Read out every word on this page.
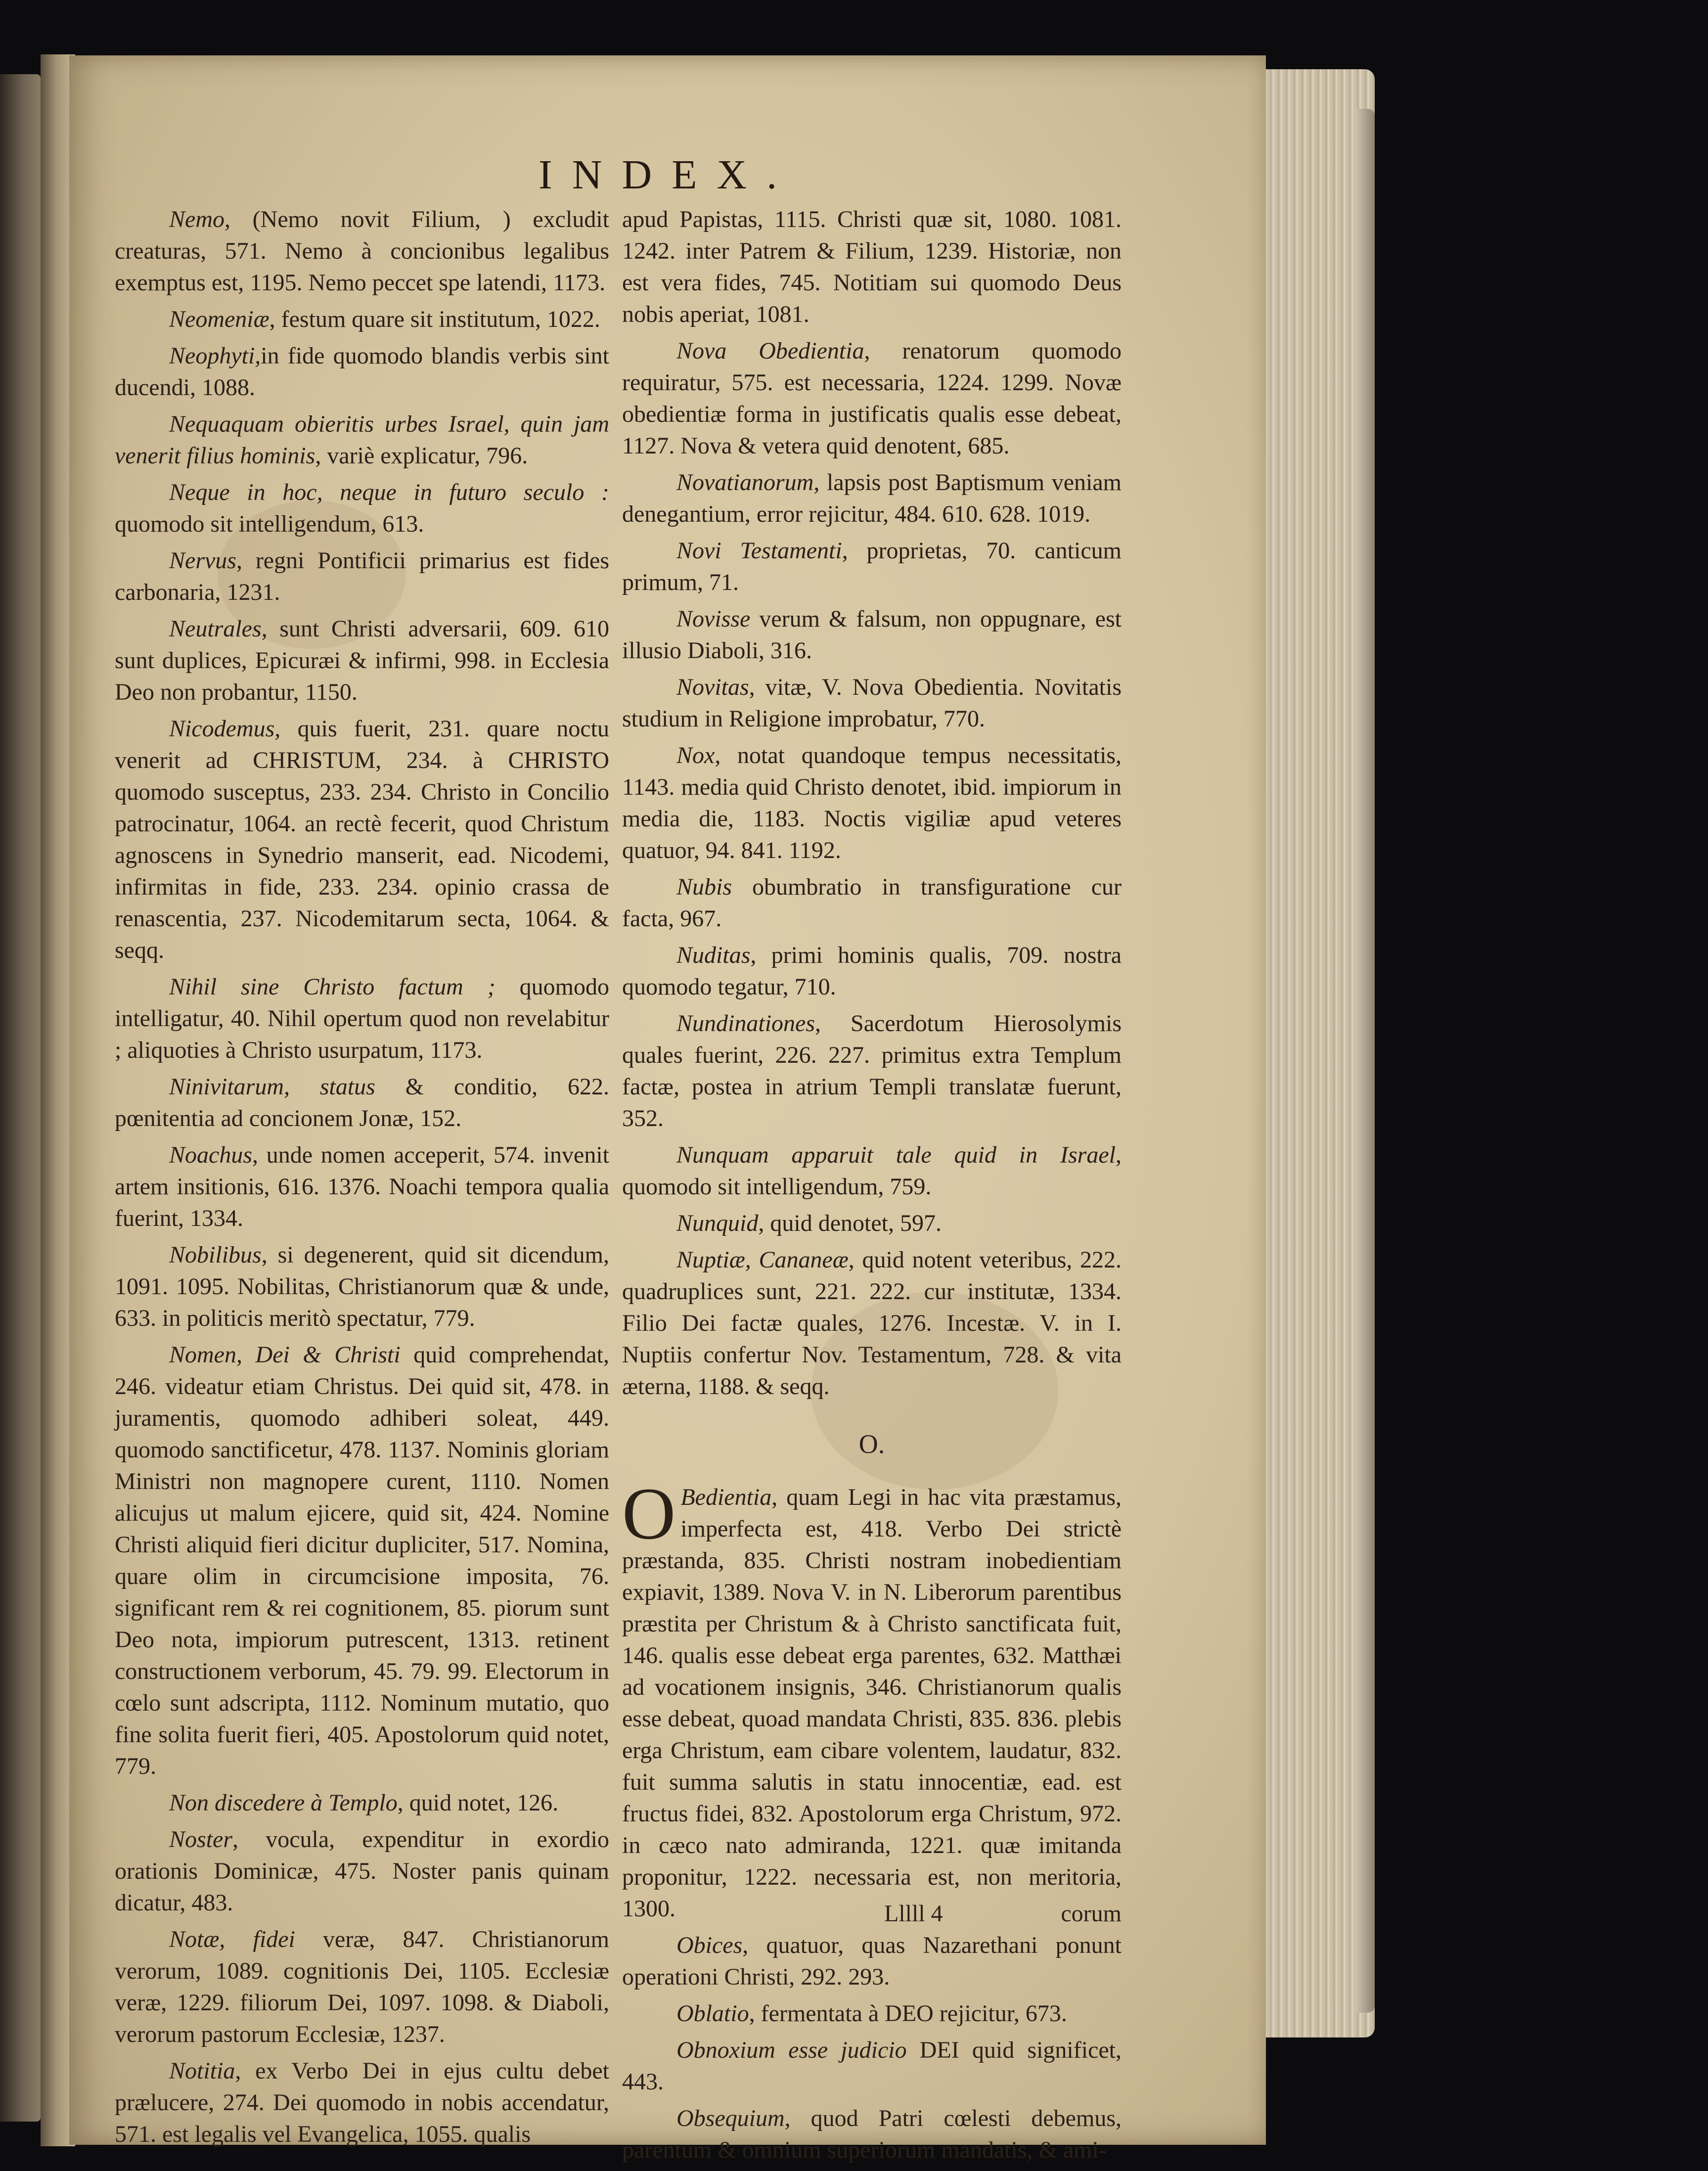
INDEX.

Nemo, (Nemo novit Filium, ) excludit creaturas, 571. Nemo à concionibus legalibus exemptus est, 1195. Nemo peccet spe latendi, 1173.

Neomeniæ, festum quare sit institutum, 1022.

Neophyti,in fide quomodo blandis verbis sint ducendi, 1088.

Nequaquam obieritis urbes Israel, quin jam venerit filius hominis, variè explicatur, 796.

Neque in hoc, neque in futuro seculo : quomodo sit intelligendum, 613.

Nervus, regni Pontificii primarius est fides carbonaria, 1231.

Neutrales, sunt Christi adversarii, 609. 610 sunt duplices, Epicuræi & infirmi, 998. in Ecclesia Deo non probantur, 1150.

Nicodemus, quis fuerit, 231. quare noctu venerit ad CHRISTUM, 234. à CHRISTO quomodo susceptus, 233. 234. Christo in Concilio patrocinatur, 1064. an rectè fecerit, quod Christum agnoscens in Synedrio manserit, ead. Nicodemi, infirmitas in fide, 233. 234. opinio crassa de renascentia, 237. Nicodemitarum secta, 1064. & seqq.

Nihil sine Christo factum ; quomodo intelligatur, 40. Nihil opertum quod non revelabitur ; aliquoties à Christo usurpatum, 1173.

Ninivitarum, status & conditio, 622. pœnitentia ad concionem Jonæ, 152.

Noachus, unde nomen acceperit, 574. invenit artem insitionis, 616. 1376. Noachi tempora qualia fuerint, 1334.

Nobilibus, si degenerent, quid sit dicendum, 1091. 1095. Nobilitas, Christianorum quæ & unde, 633. in politicis meritò spectatur, 779.

Nomen, Dei & Christi quid comprehendat, 246. videatur etiam Christus. Dei quid sit, 478. in juramentis, quomodo adhiberi soleat, 449. quomodo sanctificetur, 478. 1137. Nominis gloriam Ministri non magnopere curent, 1110. Nomen alicujus ut malum ejicere, quid sit, 424. Nomine Christi aliquid fieri dicitur dupliciter, 517. Nomina, quare olim in circumcisione imposita, 76. significant rem & rei cognitionem, 85. piorum sunt Deo nota, impiorum putrescent, 1313. retinent constructionem verborum, 45. 79. 99. Electorum in cœlo sunt adscripta, 1112. Nominum mutatio, quo fine solita fuerit fieri, 405. Apostolorum quid notet, 779.

Non discedere à Templo, quid notet, 126.

Noster, vocula, expenditur in exordio orationis Dominicæ, 475. Noster panis quinam dicatur, 483.

Notæ, fidei veræ, 847. Christianorum verorum, 1089. cognitionis Dei, 1105. Ecclesiæ veræ, 1229. filiorum Dei, 1097. 1098. & Diaboli, verorum pastorum Ecclesiæ, 1237.

Notitia, ex Verbo Dei in ejus cultu debet prælucere, 274. Dei quomodo in nobis accendatur, 571. est legalis vel Evangelica, 1055. qualis

apud Papistas, 1115. Christi quæ sit, 1080. 1081. 1242. inter Patrem & Filium, 1239. Historiæ, non est vera fides, 745. Notitiam sui quomodo Deus nobis aperiat, 1081.

Nova Obedientia, renatorum quomodo requiratur, 575. est necessaria, 1224. 1299. Novæ obedientiæ forma in justificatis qualis esse debeat, 1127. Nova & vetera quid denotent, 685.

Novatianorum, lapsis post Baptismum veniam denegantium, error rejicitur, 484. 610. 628. 1019.

Novi Testamenti, proprietas, 70. canticum primum, 71.

Novisse verum & falsum, non oppugnare, est illusio Diaboli, 316.

Novitas, vitæ, V. Nova Obedientia. Novitatis studium in Religione improbatur, 770.

Nox, notat quandoque tempus necessitatis, 1143. media quid Christo denotet, ibid. impiorum in media die, 1183. Noctis vigiliæ apud veteres quatuor, 94. 841. 1192.

Nubis obumbratio in transfiguratione cur facta, 967.

Nuditas, primi hominis qualis, 709. nostra quomodo tegatur, 710.

Nundinationes, Sacerdotum Hierosolymis quales fuerint, 226. 227. primitus extra Templum factæ, postea in atrium Templi translatæ fuerunt, 352.

Nunquam apparuit tale quid in Israel, quomodo sit intelligendum, 759.

Nunquid, quid denotet, 597.

Nuptiæ, Cananeæ, quid notent veteribus, 222. quadruplices sunt, 221. 222. cur institutæ, 1334. Filio Dei factæ quales, 1276. Incestæ. V. in I. Nuptiis confertur Nov. Testamentum, 728. & vita æterna, 1188. & seqq.

O.

O Bedientia, quam Legi in hac vita præstamus, imperfecta est, 418. Verbo Dei strictè præstanda, 835. Christi nostram inobedientiam expiavit, 1389. Nova V. in N. Liberorum parentibus præstita per Christum & à Christo sanctificata fuit, 146. qualis esse debeat erga parentes, 632. Matthæi ad vocationem insignis, 346. Christianorum qualis esse debeat, quoad mandata Christi, 835. 836. plebis erga Christum, eam cibare volentem, laudatur, 832. fuit summa salutis in statu innocentiæ, ead. est fructus fidei, 832. Apostolorum erga Christum, 972. in cæco nato admiranda, 1221. quæ imitanda proponitur, 1222. necessaria est, non meritoria, 1300.

Obices, quatuor, quas Nazarethani ponunt operationi Christi, 292. 293.

Oblatio, fermentata à DEO rejicitur, 673.

Obnoxium esse judicio DEI quid significet, 443.

Obsequium, quod Patri cœlesti debemus, parentum & omnium superiorum mandatis, & ami-

Lllll 4	corum
